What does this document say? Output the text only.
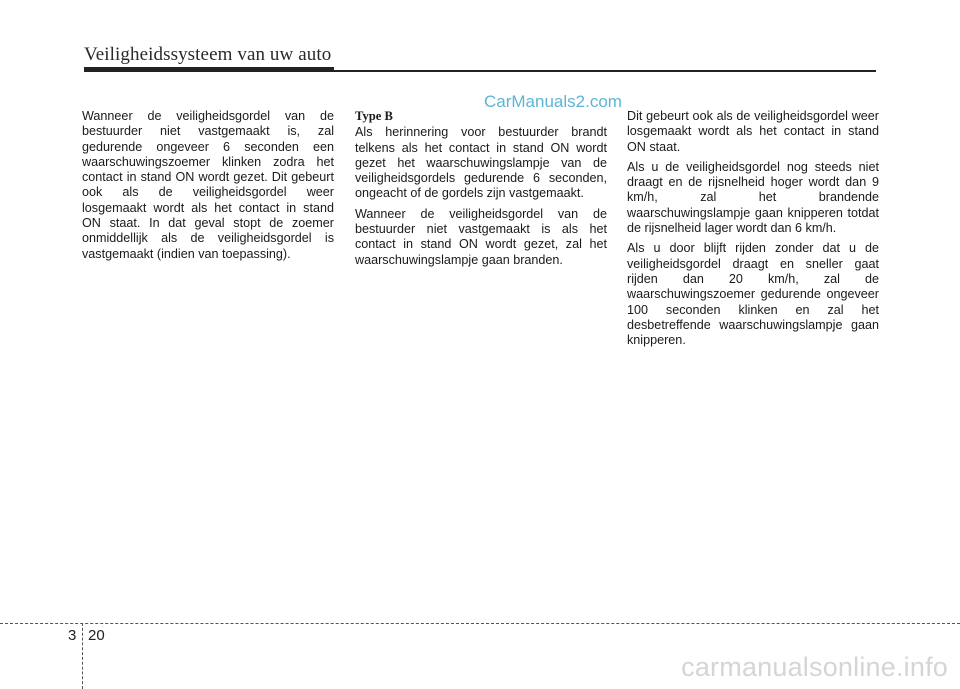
Veiligheidssysteem van uw auto
CarManuals2.com

Wanneer de veiligheidsgordel van de bestuurder niet vastgemaakt is, zal gedurende ongeveer 6 seconden een waarschuwingszoemer klinken zodra het contact in stand ON wordt gezet. Dit gebeurt ook als de veiligheidsgordel weer losgemaakt wordt als het contact in stand ON staat. In dat geval stopt de zoemer onmiddellijk als de veiligheidsgordel is vastgemaakt (indien van toepassing).

Type B

Als herinnering voor bestuurder brandt telkens als het contact in stand ON wordt gezet het waarschuwingslampje van de veiligheidsgordels gedurende 6 seconden, ongeacht of de gordels zijn vastgemaakt.

Wanneer de veiligheidsgordel van de bestuurder niet vastgemaakt is als het contact in stand ON wordt gezet, zal het waarschuwingslampje gaan branden.

Dit gebeurt ook als de veiligheidsgordel weer losgemaakt wordt als het contact in stand ON staat.

Als u de veiligheidsgordel nog steeds niet draagt en de rijsnelheid hoger wordt dan 9 km/h, zal het brandende waarschuwingslampje gaan knipperen totdat de rijsnelheid lager wordt dan 6 km/h.

Als u door blijft rijden zonder dat u de veiligheidsgordel draagt en sneller gaat rijden dan 20 km/h, zal de waarschuwingszoemer gedurende ongeveer 100 seconden klinken en zal het desbetreffende waarschuwingslampje gaan knipperen.

3 20
carmanualsonline.info
